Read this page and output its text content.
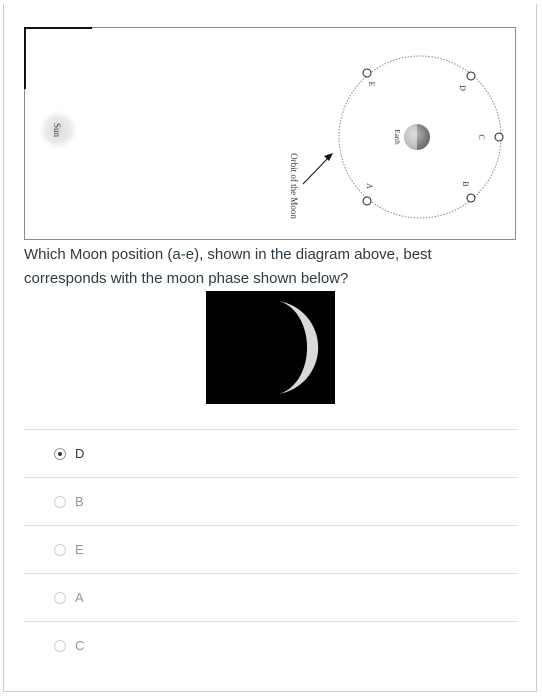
Sun
Orbit of the Moon
Earth
E
D
C
B
A
Which Moon position (a-e), shown in the diagram above, best corresponds with the moon phase shown below?
D
B
E
A
C
